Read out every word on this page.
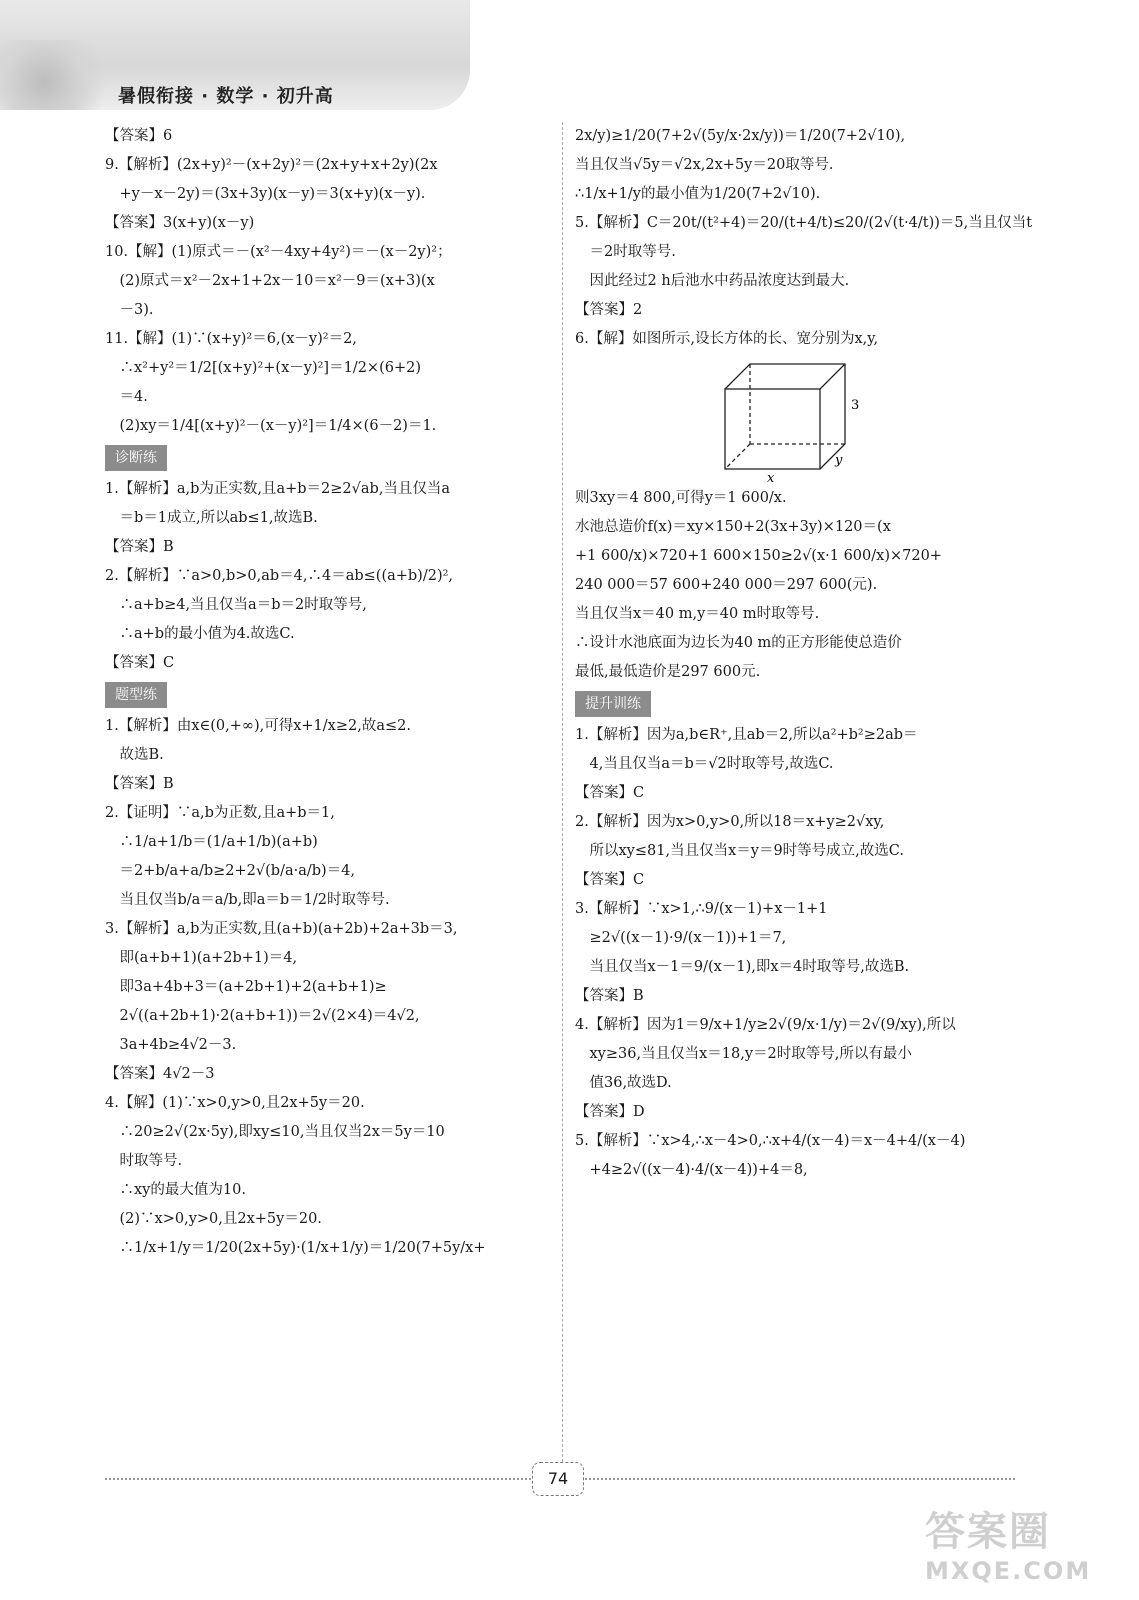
暑假衔接 · 数学 · 初升高
【答案】6
9.【解析】(2x+y)²－(x+2y)²＝(2x+y+x+2y)(2x
　+y－x－2y)＝(3x+3y)(x－y)＝3(x+y)(x－y).
【答案】3(x+y)(x－y)
10.【解】(1)原式＝－(x²－4xy+4y²)＝－(x－2y)²；
　(2)原式＝x²－2x+1+2x－10＝x²－9＝(x+3)(x
　－3).
11.【解】(1)∵(x+y)²＝6,(x－y)²＝2,
　∴x²+y²＝1/2[(x+y)²+(x－y)²]＝1/2×(6+2)
　＝4.
　(2)xy＝1/4[(x+y)²－(x－y)²]＝1/4×(6－2)＝1.
诊断练
1.【解析】a,b为正实数,且a+b＝2≥2√ab,当且仅当a
　＝b＝1成立,所以ab≤1,故选B.
【答案】B
2.【解析】∵a>0,b>0,ab＝4,∴4＝ab≤((a+b)/2)²,
　∴a+b≥4,当且仅当a＝b＝2时取等号,
　∴a+b的最小值为4.故选C.
【答案】C
题型练
1.【解析】由x∈(0,+∞),可得x+1/x≥2,故a≤2.
　故选B.
【答案】B
2.【证明】∵a,b为正数,且a+b＝1,
　∴1/a+1/b＝(1/a+1/b)(a+b)
　＝2+b/a+a/b≥2+2√(b/a·a/b)＝4,
　当且仅当b/a＝a/b,即a＝b＝1/2时取等号.
3.【解析】a,b为正实数,且(a+b)(a+2b)+2a+3b＝3,
　即(a+b+1)(a+2b+1)＝4,
　即3a+4b+3＝(a+2b+1)+2(a+b+1)≥
　2√((a+2b+1)·2(a+b+1))＝2√(2×4)＝4√2,
　3a+4b≥4√2－3.
【答案】4√2－3
4.【解】(1)∵x>0,y>0,且2x+5y＝20.
　∴20≥2√(2x·5y),即xy≤10,当且仅当2x＝5y＝10
　时取等号.
　∴xy的最大值为10.
　(2)∵x>0,y>0,且2x+5y＝20.
　∴1/x+1/y＝1/20(2x+5y)·(1/x+1/y)＝1/20(7+5y/x+
2x/y)≥1/20(7+2√(5y/x·2x/y))＝1/20(7+2√10),
当且仅当√5y＝√2x,2x+5y＝20取等号.
∴1/x+1/y的最小值为1/20(7+2√10).
5.【解析】C＝20t/(t²+4)＝20/(t+4/t)≤20/(2√(t·4/t))＝5,当且仅当t
　＝2时取等号.
　因此经过2 h后池水中药品浓度达到最大.
【答案】2
6.【解】如图所示,设长方体的长、宽分别为x,y,
3
x
y
则3xy＝4 800,可得y＝1 600/x.
水池总造价f(x)＝xy×150+2(3x+3y)×120＝(x
+1 600/x)×720+1 600×150≥2√(x·1 600/x)×720+
240 000＝57 600+240 000＝297 600(元).
当且仅当x＝40 m,y＝40 m时取等号.
∴设计水池底面为边长为40 m的正方形能使总造价
最低,最低造价是297 600元.
提升训练
1.【解析】因为a,b∈R⁺,且ab＝2,所以a²+b²≥2ab＝
　4,当且仅当a＝b＝√2时取等号,故选C.
【答案】C
2.【解析】因为x>0,y>0,所以18＝x+y≥2√xy,
　所以xy≤81,当且仅当x＝y＝9时等号成立,故选C.
【答案】C
3.【解析】∵x>1,∴9/(x－1)+x－1+1
　≥2√((x－1)·9/(x－1))+1＝7,
　当且仅当x－1＝9/(x－1),即x＝4时取等号,故选B.
【答案】B
4.【解析】因为1＝9/x+1/y≥2√(9/x·1/y)＝2√(9/xy),所以
　xy≥36,当且仅当x＝18,y＝2时取等号,所以有最小
　值36,故选D.
【答案】D
5.【解析】∵x>4,∴x－4>0,∴x+4/(x－4)＝x－4+4/(x－4)
　+4≥2√((x－4)·4/(x－4))+4＝8,
74
答案圈
MXQE.COM
